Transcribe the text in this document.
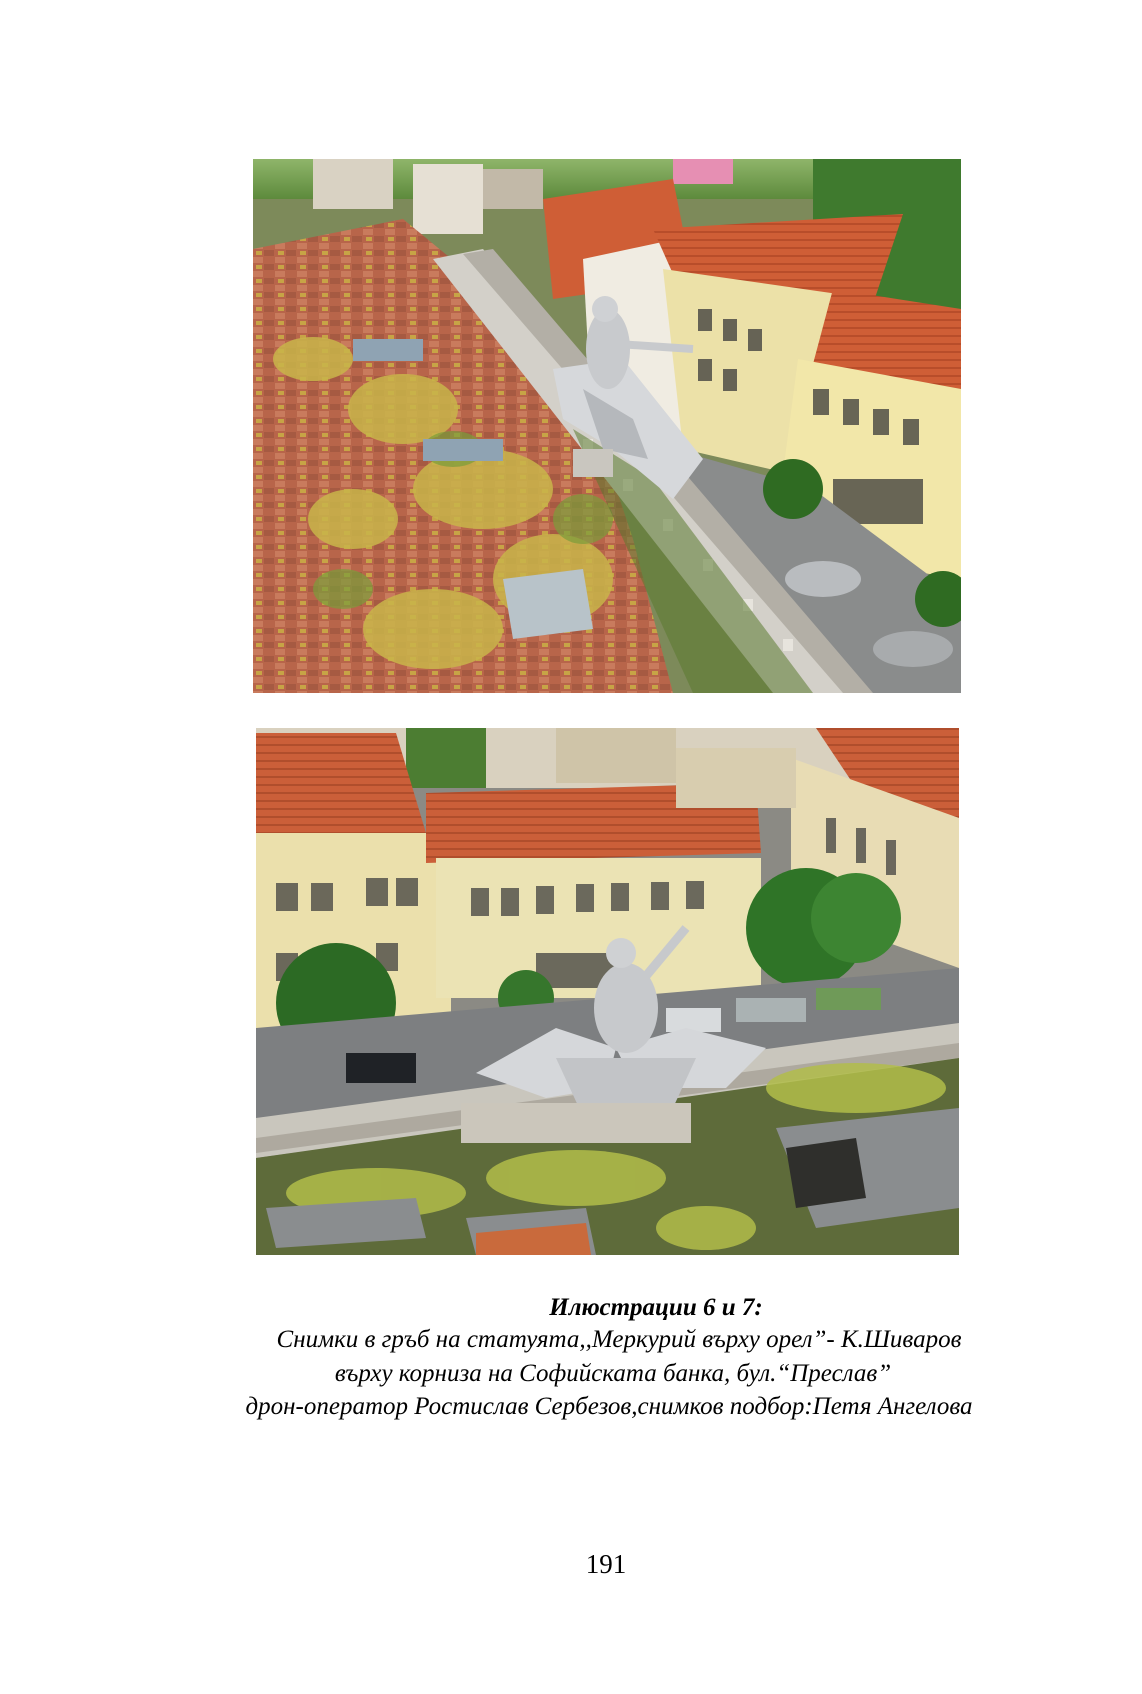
Илюстрации 6 и 7:
Снимки в гръб на статуята,,Меркурий върху орел”- К.Шиваров
върху корниза на Софийската банка, бул.“Преслав”
дрон-оператор Ростислав Сербезов,снимков подбор:Петя Ангелова
191
